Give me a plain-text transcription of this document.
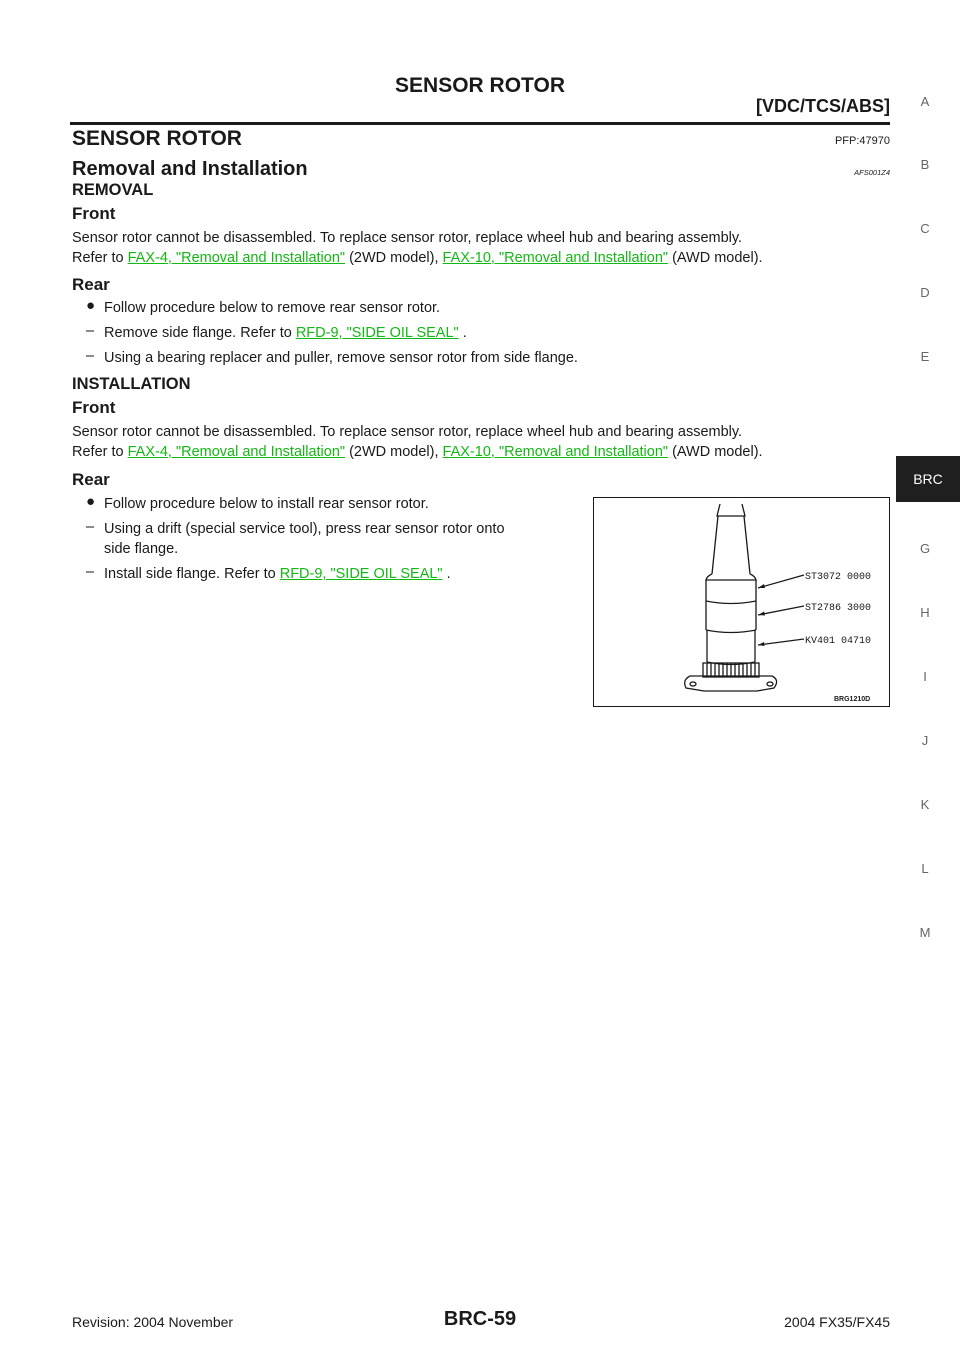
SENSOR ROTOR
[VDC/TCS/ABS]
SENSOR ROTOR	PFP:47970
Removal and Installation	AFS001Z4
REMOVAL
Front
Sensor rotor cannot be disassembled. To replace sensor rotor, replace wheel hub and bearing assembly.
Refer to FAX-4, "Removal and Installation" (2WD model), FAX-10, "Removal and Installation" (AWD model).
Rear
● Follow procedure below to remove rear sensor rotor.
– Remove side flange. Refer to RFD-9, "SIDE OIL SEAL" .
– Using a bearing replacer and puller, remove sensor rotor from side flange.
INSTALLATION
Front
Sensor rotor cannot be disassembled. To replace sensor rotor, replace wheel hub and bearing assembly.
Refer to FAX-4, "Removal and Installation" (2WD model), FAX-10, "Removal and Installation" (AWD model).
Rear
● Follow procedure below to install rear sensor rotor.
– Using a drift (special service tool), press rear sensor rotor onto
side flange.
– Install side flange. Refer to RFD-9, "SIDE OIL SEAL" .	ST3072 0000
ST2786 3000
KV401 04710
BRG1210D
A
B
C
D
E
BRC
G
H
I
J
K
L
M
Revision: 2004 November	BRC-59	2004 FX35/FX45
